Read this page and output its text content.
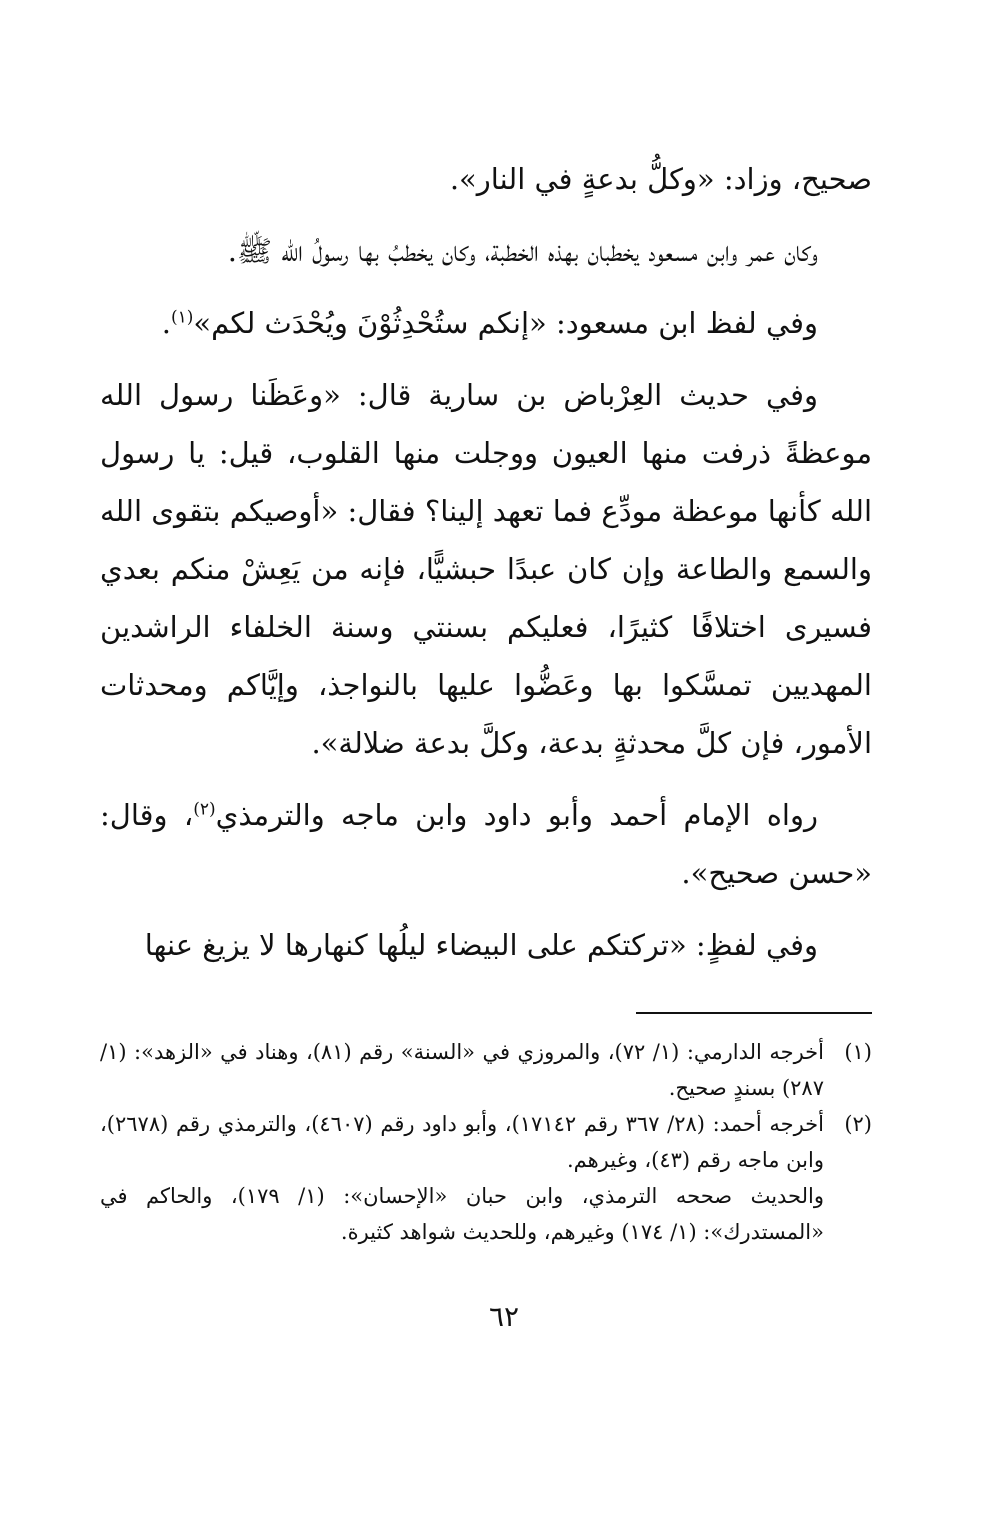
صحيح، وزاد: «وكلُّ بدعةٍ في النار».

وكان عمر وابن مسعود يخطبان بهذه الخطبة، وكان يخطبُ بها رسولُ الله ﷺ.

وفي لفظ ابن مسعود: «إنكم ستُحْدِثُوْنَ ويُحْدَث لكم»$^{(١)}$.

وفي حديث العِرْباض بن سارية قال: «وعَظَنا رسول الله موعظةً ذرفت منها العيون ووجلت منها القلوب، قيل: يا رسول الله كأنها موعظة مودِّع فما تعهد إلينا؟ فقال: «أوصيكم بتقوى الله والسمع والطاعة وإن كان عبدًا حبشيًّا، فإنه من يَعِشْ منكم بعدي فسيرى اختلافًا كثيرًا، فعليكم بسنتي وسنة الخلفاء الراشدين المهديين تمسَّكوا بها وعَضُّوا عليها بالنواجذ، وإيَّاكم ومحدثات الأمور، فإن كلَّ محدثةٍ بدعة، وكلَّ بدعة ضلالة».

رواه الإمام أحمد وأبو داود وابن ماجه والترمذي$^{(٢)}$، وقال: «حسن صحيح».

وفي لفظٍ: «تركتكم على البيضاء ليلُها كنهارها لا يزيغ عنها

(١)
أخرجه الدارمي: (١/ ٧٢)، والمروزي في «السنة» رقم (٨١)، وهناد في «الزهد»: (١/ ٢٨٧) بسندٍ صحيح.
(٢)
أخرجه أحمد: (٢٨/ ٣٦٧ رقم ١٧١٤٢)، وأبو داود رقم (٤٦٠٧)، والترمذي رقم (٢٦٧٨)، وابن ماجه رقم (٤٣)، وغيرهم.
والحديث صححه الترمذي، وابن حبان «الإحسان»: (١/ ١٧٩)، والحاكم في «المستدرك»: (١/ ١٧٤) وغيرهم، وللحديث شواهد كثيرة.
٦٢
